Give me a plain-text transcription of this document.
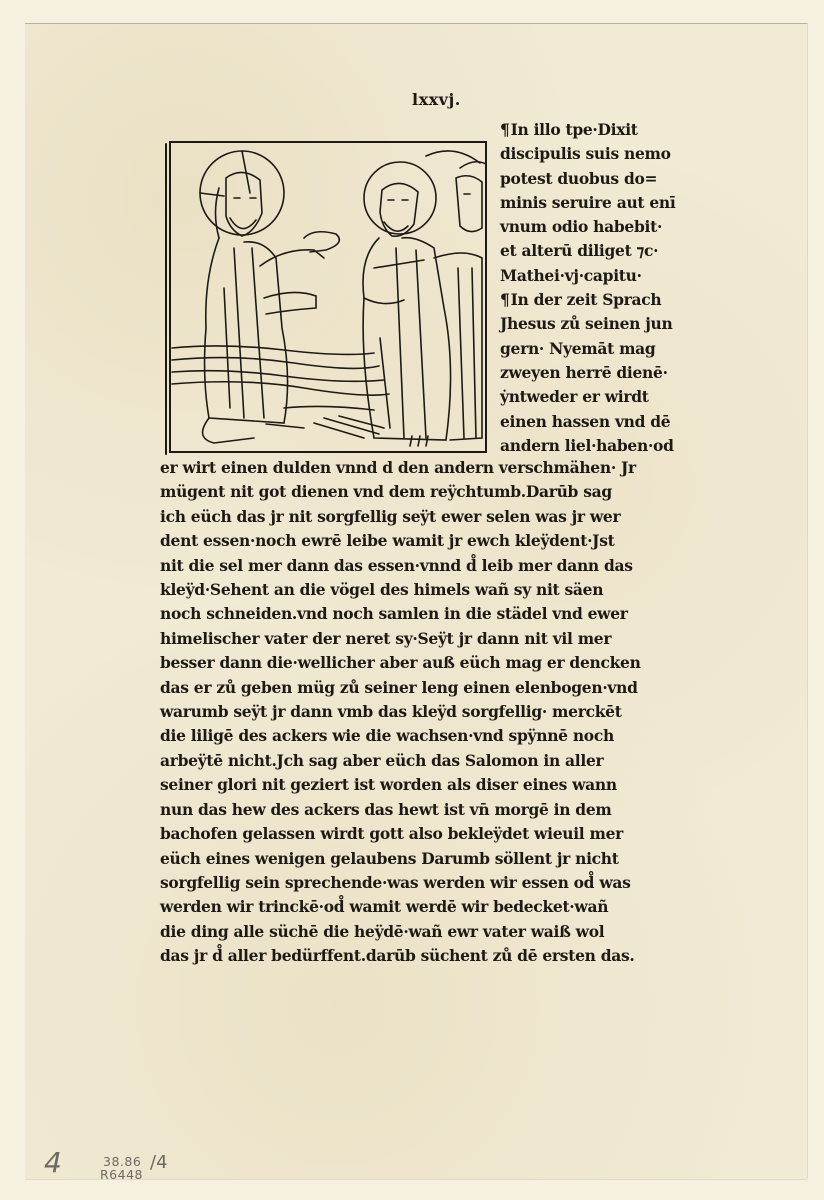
lxxvj.
¶In illo tpe·Dixit
discipulis suis nemo
potest duobus do=
minis seruire aut enī
vnum odio habebit·
et alterū diliget ⁊c·
Mathei·vj·capitu·
¶In der zeit Sprach
Jhesus zů seinen jun
gern· Nyemāt mag
zweyen herrē dienē·
ẏntweder er wirdt
einen hassen vnd dē
andern liel·haben·od
er wirt einen dulden vnnd d den andern verschmähen· Jr
mügent nit got dienen vnd dem reÿchtumb.Darūb sag
ich eüch das jr nit sorgfellig seÿt ewer selen was jr wer
dent essen·noch ewrē leibe wamit jr ewch kleÿdent·Jst
nit die sel mer dann das essen·vnnd d̊ leib mer dann das
kleÿd·Sehent an die vögel des himels wañ sy nit säen
noch schneiden.vnd noch samlen in die städel vnd ewer
himelischer vater der neret sy·Seÿt jr dann nit vil mer
besser dann die·wellicher aber auß eüch mag er dencken
das er zů geben müg zů seiner leng einen elenbogen·vnd
warumb seÿt jr dann vmb das kleÿd sorgfellig· merckēt
die liligē des ackers wie die wachsen·vnd spÿnnē noch
arbeÿtē nicht.Jch sag aber eüch das Salomon in aller
seiner glori nit geziert ist worden als diser eines wann
nun das hew des ackers das hewt ist vn̄ morgē in dem
bachofen gelassen wirdt gott also bekleÿdet wieuil mer
eüch eines wenigen gelaubens Darumb söllent jr nicht
sorgfellig sein sprechende·was werden wir essen od̊ was
werden wir trinckē·od̊ wamit werdē wir bedecket·wañ
die ding alle süchē die heÿdē·wañ ewr vater waiß wol
das jr d̊ aller bedürffent.darūb süchent zů dē ersten das.
4	38.86
R6448
/4
